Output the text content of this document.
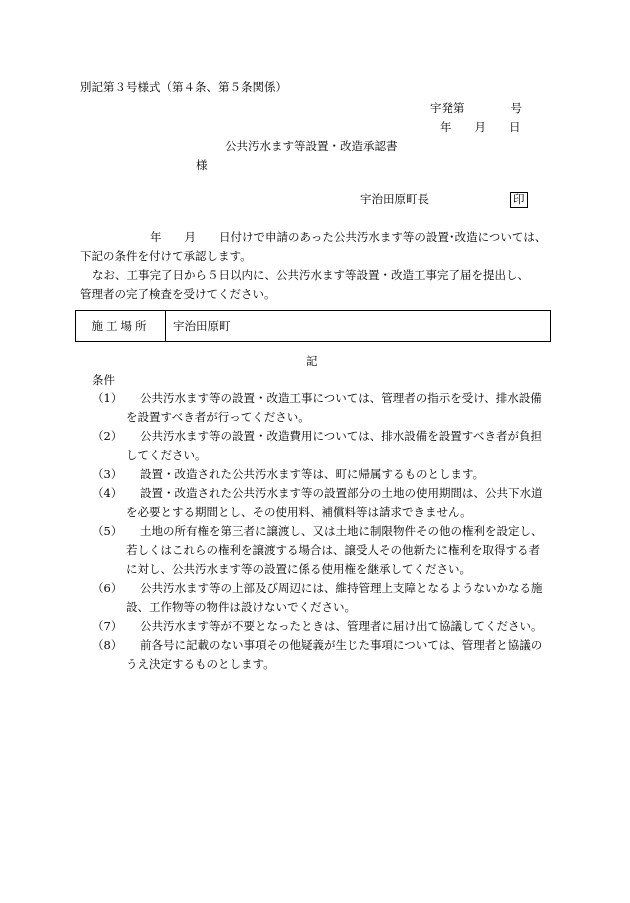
別記第３号様式（第４条、第５条関係）
宇発第　　　　号
年　　月　　日
公共汚水ます等設置・改造承認書
様
宇治田原町長	印
年　　月　　日付けで申請のあった公共汚水ます等の設置･改造については、
下記の条件を付けて承認します。
なお、工事完了日から５日以内に、公共汚水ます等設置・改造工事完了届を提出し、
管理者の完了検査を受けてください。
施工場所	宇治田原町
記
条件
（1） 公共汚水ます等の設置・改造工事については、管理者の指示を受け、排水設備
を設置すべき者が行ってください。
（2） 公共汚水ます等の設置・改造費用については、排水設備を設置すべき者が負担
してください。
（3） 設置・改造された公共汚水ます等は、町に帰属するものとします。
（4） 設置・改造された公共汚水ます等の設置部分の土地の使用期間は、公共下水道
を必要とする期間とし、その使用料、補償料等は請求できません。
（5） 土地の所有権を第三者に譲渡し、又は土地に制限物件その他の権利を設定し、
若しくはこれらの権利を譲渡する場合は、譲受人その他新たに権利を取得する者
に対し、公共汚水ます等の設置に係る使用権を継承してください。
（6） 公共汚水ます等の上部及び周辺には、維持管理上支障となるようないかなる施
設、工作物等の物件は設けないでください。
（7） 公共汚水ます等が不要となったときは、管理者に届け出て協議してください。
（8） 前各号に記載のない事項その他疑義が生じた事項については、管理者と協議の
うえ決定するものとします。
